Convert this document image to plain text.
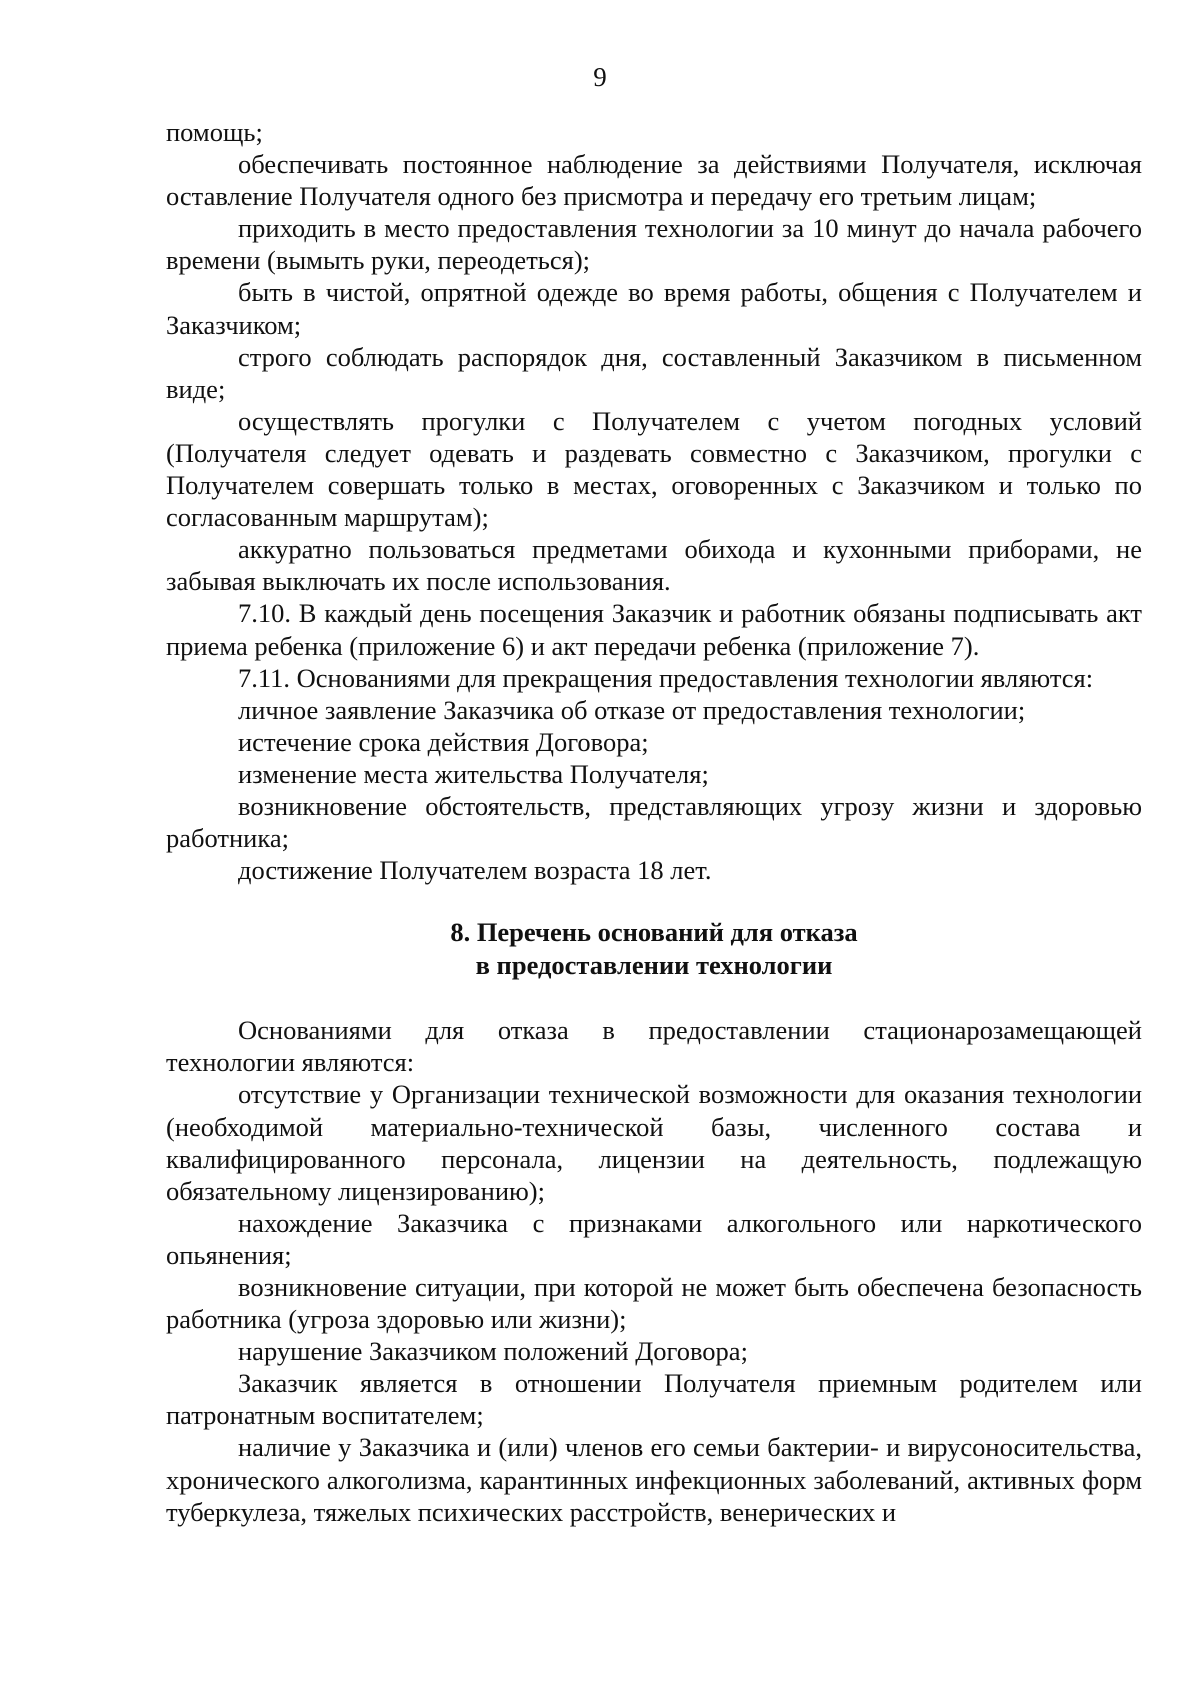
9

помощь;

обеспечивать постоянное наблюдение за действиями Получателя, исключая оставление Получателя одного без присмотра и передачу его третьим лицам;

приходить в место предоставления технологии за 10 минут до начала рабочего времени (вымыть руки, переодеться);

быть в чистой, опрятной одежде во время работы, общения с Получателем и Заказчиком;

строго соблюдать распорядок дня, составленный Заказчиком в письменном виде;

осуществлять прогулки с Получателем с учетом погодных условий (Получателя следует одевать и раздевать совместно с Заказчиком, прогулки с Получателем совершать только в местах, оговоренных с Заказчиком и только по согласованным маршрутам);

аккуратно пользоваться предметами обихода и кухонными приборами, не забывая выключать их после использования.

7.10. В каждый день посещения Заказчик и работник обязаны подписывать акт приема ребенка (приложение 6) и акт передачи ребенка (приложение 7).

7.11. Основаниями для прекращения предоставления технологии являются:

личное заявление Заказчика об отказе от предоставления технологии;

истечение срока действия Договора;

изменение места жительства Получателя;

возникновение обстоятельств, представляющих угрозу жизни и здоровью работника;

достижение Получателем возраста 18 лет.

8. Перечень оснований для отказа
в предоставлении технологии

Основаниями для отказа в предоставлении стационарозамещающей технологии являются:

отсутствие у Организации технической возможности для оказания технологии (необходимой материально-технической базы, численного состава и квалифицированного персонала, лицензии на деятельность, подлежащую обязательному лицензированию);

нахождение Заказчика с признаками алкогольного или наркотического опьянения;

возникновение ситуации, при которой не может быть обеспечена безопасность работника (угроза здоровью или жизни);

нарушение Заказчиком положений Договора;

Заказчик является в отношении Получателя приемным родителем или патронатным воспитателем;

наличие у Заказчика и (или) членов его семьи бактерии- и вирусоносительства, хронического алкоголизма, карантинных инфекционных заболеваний, активных форм туберкулеза, тяжелых психических расстройств, венерических и
